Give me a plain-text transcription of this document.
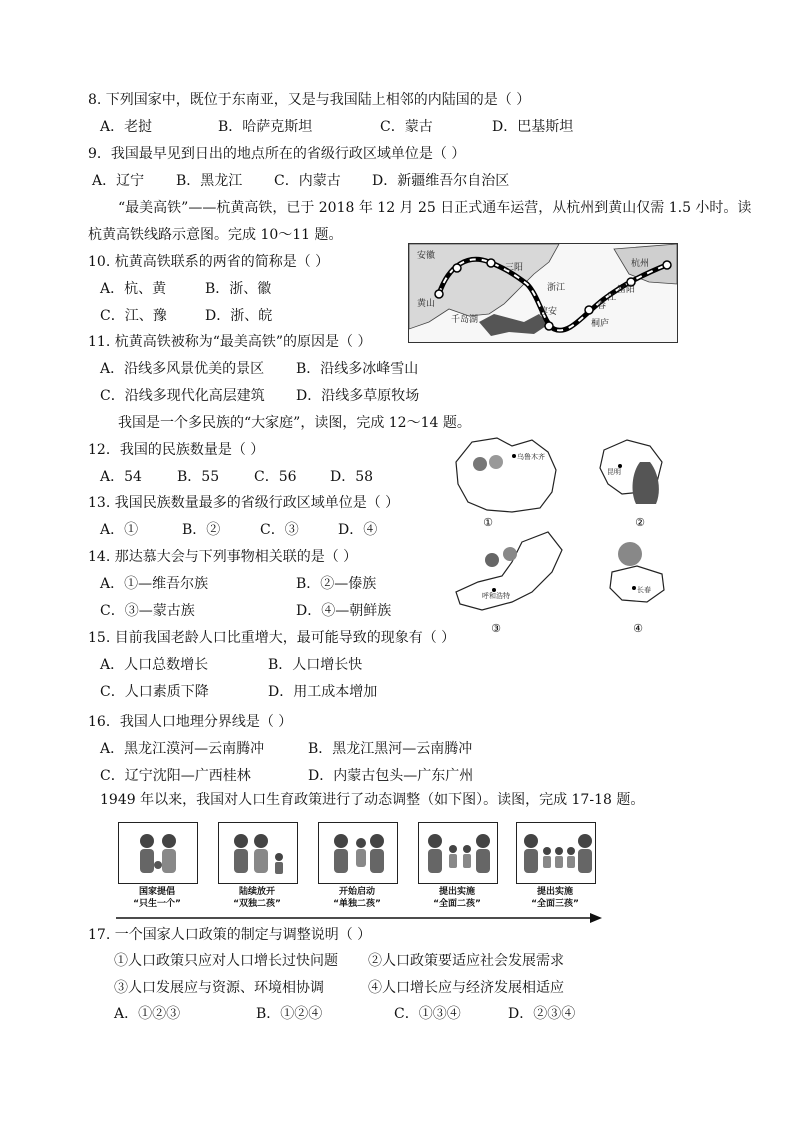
8. 下列国家中，既位于东南亚，又是与我国陆上相邻的内陆国的是（ ）
A．老挝	B．哈萨克斯坦	C．蒙古	D．巴基斯坦
9．我国最早见到日出的地点所在的省级行政区域单位是（ ）
A．辽宁 B．黑龙江 C．内蒙古 D．新疆维吾尔自治区
“最美高铁”——杭黄高铁，已于 2018 年 12 月 25 日正式通车运营，从杭州到黄山仅需 1.5 小时。读
杭黄高铁线路示意图。完成 10～11 题。
安徽
浙江
杭州
黄山
千岛湖
淳安
富阳
桐庐
春
江
三阳
10. 杭黄高铁联系的两省的简称是（ ）
A．杭、黄	B．浙、徽
C．江、豫	D．浙、皖
11. 杭黄高铁被称为“最美高铁”的原因是（ ）
A．沿线多风景优美的景区 B．沿线多冰峰雪山
C．沿线多现代化高层建筑 D．沿线多草原牧场
我国是一个多民族的“大家庭”，读图，完成 12～14 题。
乌鲁木齐
①
昆明
②
呼和浩特
③
长春
④
12．我国的民族数量是（ ）
A．54	B．55 C．56 D．58
13. 我国民族数量最多的省级行政区域单位是（ ）
A．①	B．②	C．③	D．④
14. 那达慕大会与下列事物相关联的是（ ）
A．①—维吾尔族	B．②—傣族
C．③—蒙古族	D．④—朝鲜族
15. 目前我国老龄人口比重增大，最可能导致的现象有（ ）
A．人口总数增长	B．人口增长快
C．人口素质下降	D．用工成本增加
16．我国人口地理分界线是（ ）
A．黑龙江漠河—云南腾冲	B．黑龙江黑河—云南腾冲
C．辽宁沈阳—广西桂林	D．内蒙古包头—广东广州
1949 年以来，我国对人口生育政策进行了动态调整（如下图）。读图，完成 17-18 题。
国家提倡
“只生一个”
陆续放开
“双独二孩”
开始启动
“单独二孩”
提出实施
“全面二孩”
提出实施
“全面三孩”
17. 一个国家人口政策的制定与调整说明（ ）
①人口政策只应对人口增长过快问题 ②人口政策要适应社会发展需求
③人口发展应与资源、环境相协调	④人口增长应与经济发展相适应
A．①②③	B．①②④	C．①③④	D．②③④
